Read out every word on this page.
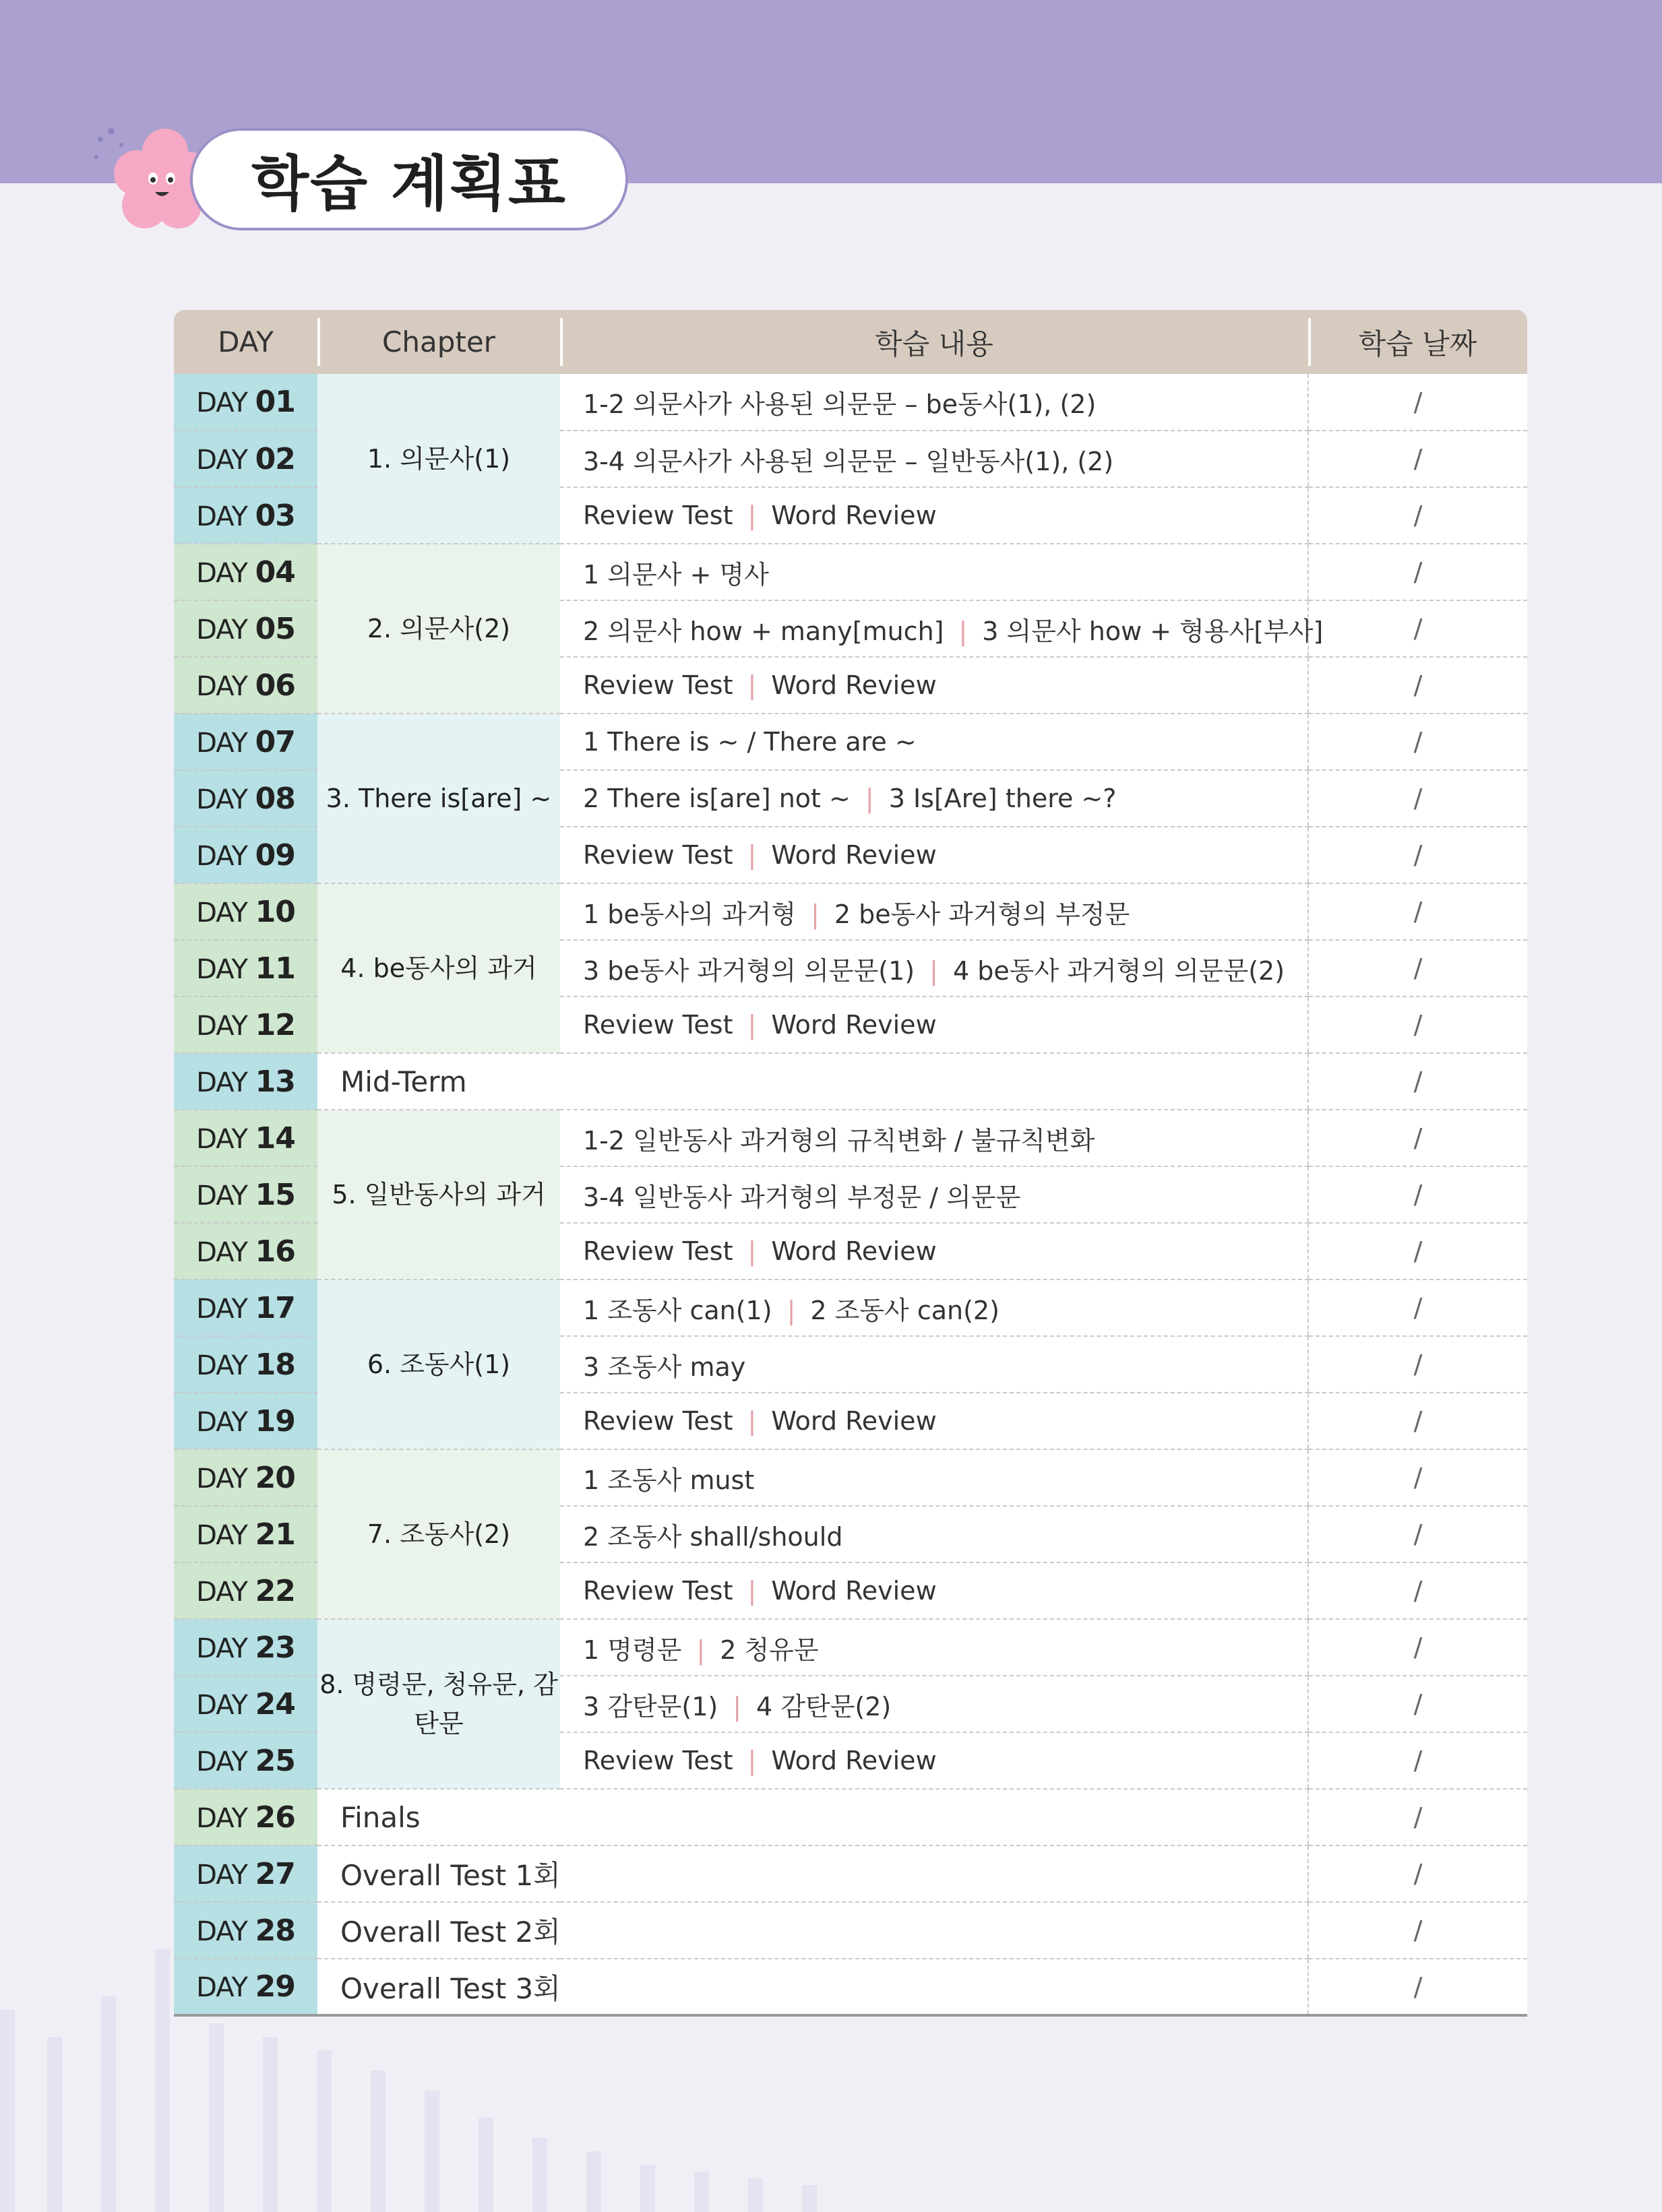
학습 계획표
DAY	Chapter	학습 내용	학습 날짜
DAY 01	1. 의문사(1)	1-2 의문사가 사용된 의문문 – be동사(1), (2)	/
DAY 02		3-4 의문사가 사용된 의문문 – 일반동사(1), (2)	/
DAY 03		Review Test | Word Review	/
DAY 04	2. 의문사(2)	1 의문사 + 명사	/
DAY 05		2 의문사 how + many[much] | 3 의문사 how + 형용사[부사]	/
DAY 06		Review Test | Word Review	/
DAY 07	3. There is[are] ~	1 There is ~ / There are ~	/
DAY 08		2 There is[are] not ~ | 3 Is[Are] there ~?	/
DAY 09		Review Test | Word Review	/
DAY 10	4. be동사의 과거	1 be동사의 과거형 | 2 be동사 과거형의 부정문	/
DAY 11		3 be동사 과거형의 의문문(1) | 4 be동사 과거형의 의문문(2)	/
DAY 12		Review Test | Word Review	/
DAY 13	Mid-Term		/
DAY 14	5. 일반동사의 과거	1-2 일반동사 과거형의 규칙변화 / 불규칙변화	/
DAY 15		3-4 일반동사 과거형의 부정문 / 의문문	/
DAY 16		Review Test | Word Review	/
DAY 17	6. 조동사(1)	1 조동사 can(1) | 2 조동사 can(2)	/
DAY 18		3 조동사 may	/
DAY 19		Review Test | Word Review	/
DAY 20	7. 조동사(2)	1 조동사 must	/
DAY 21		2 조동사 shall/should	/
DAY 22		Review Test | Word Review	/
DAY 23	8. 명령문, 청유문, 감탄문	1 명령문 | 2 청유문	/
DAY 24		3 감탄문(1) | 4 감탄문(2)	/
DAY 25		Review Test | Word Review	/
DAY 26	Finals		/
DAY 27	Overall Test 1회		/
DAY 28	Overall Test 2회		/
DAY 29	Overall Test 3회		/
